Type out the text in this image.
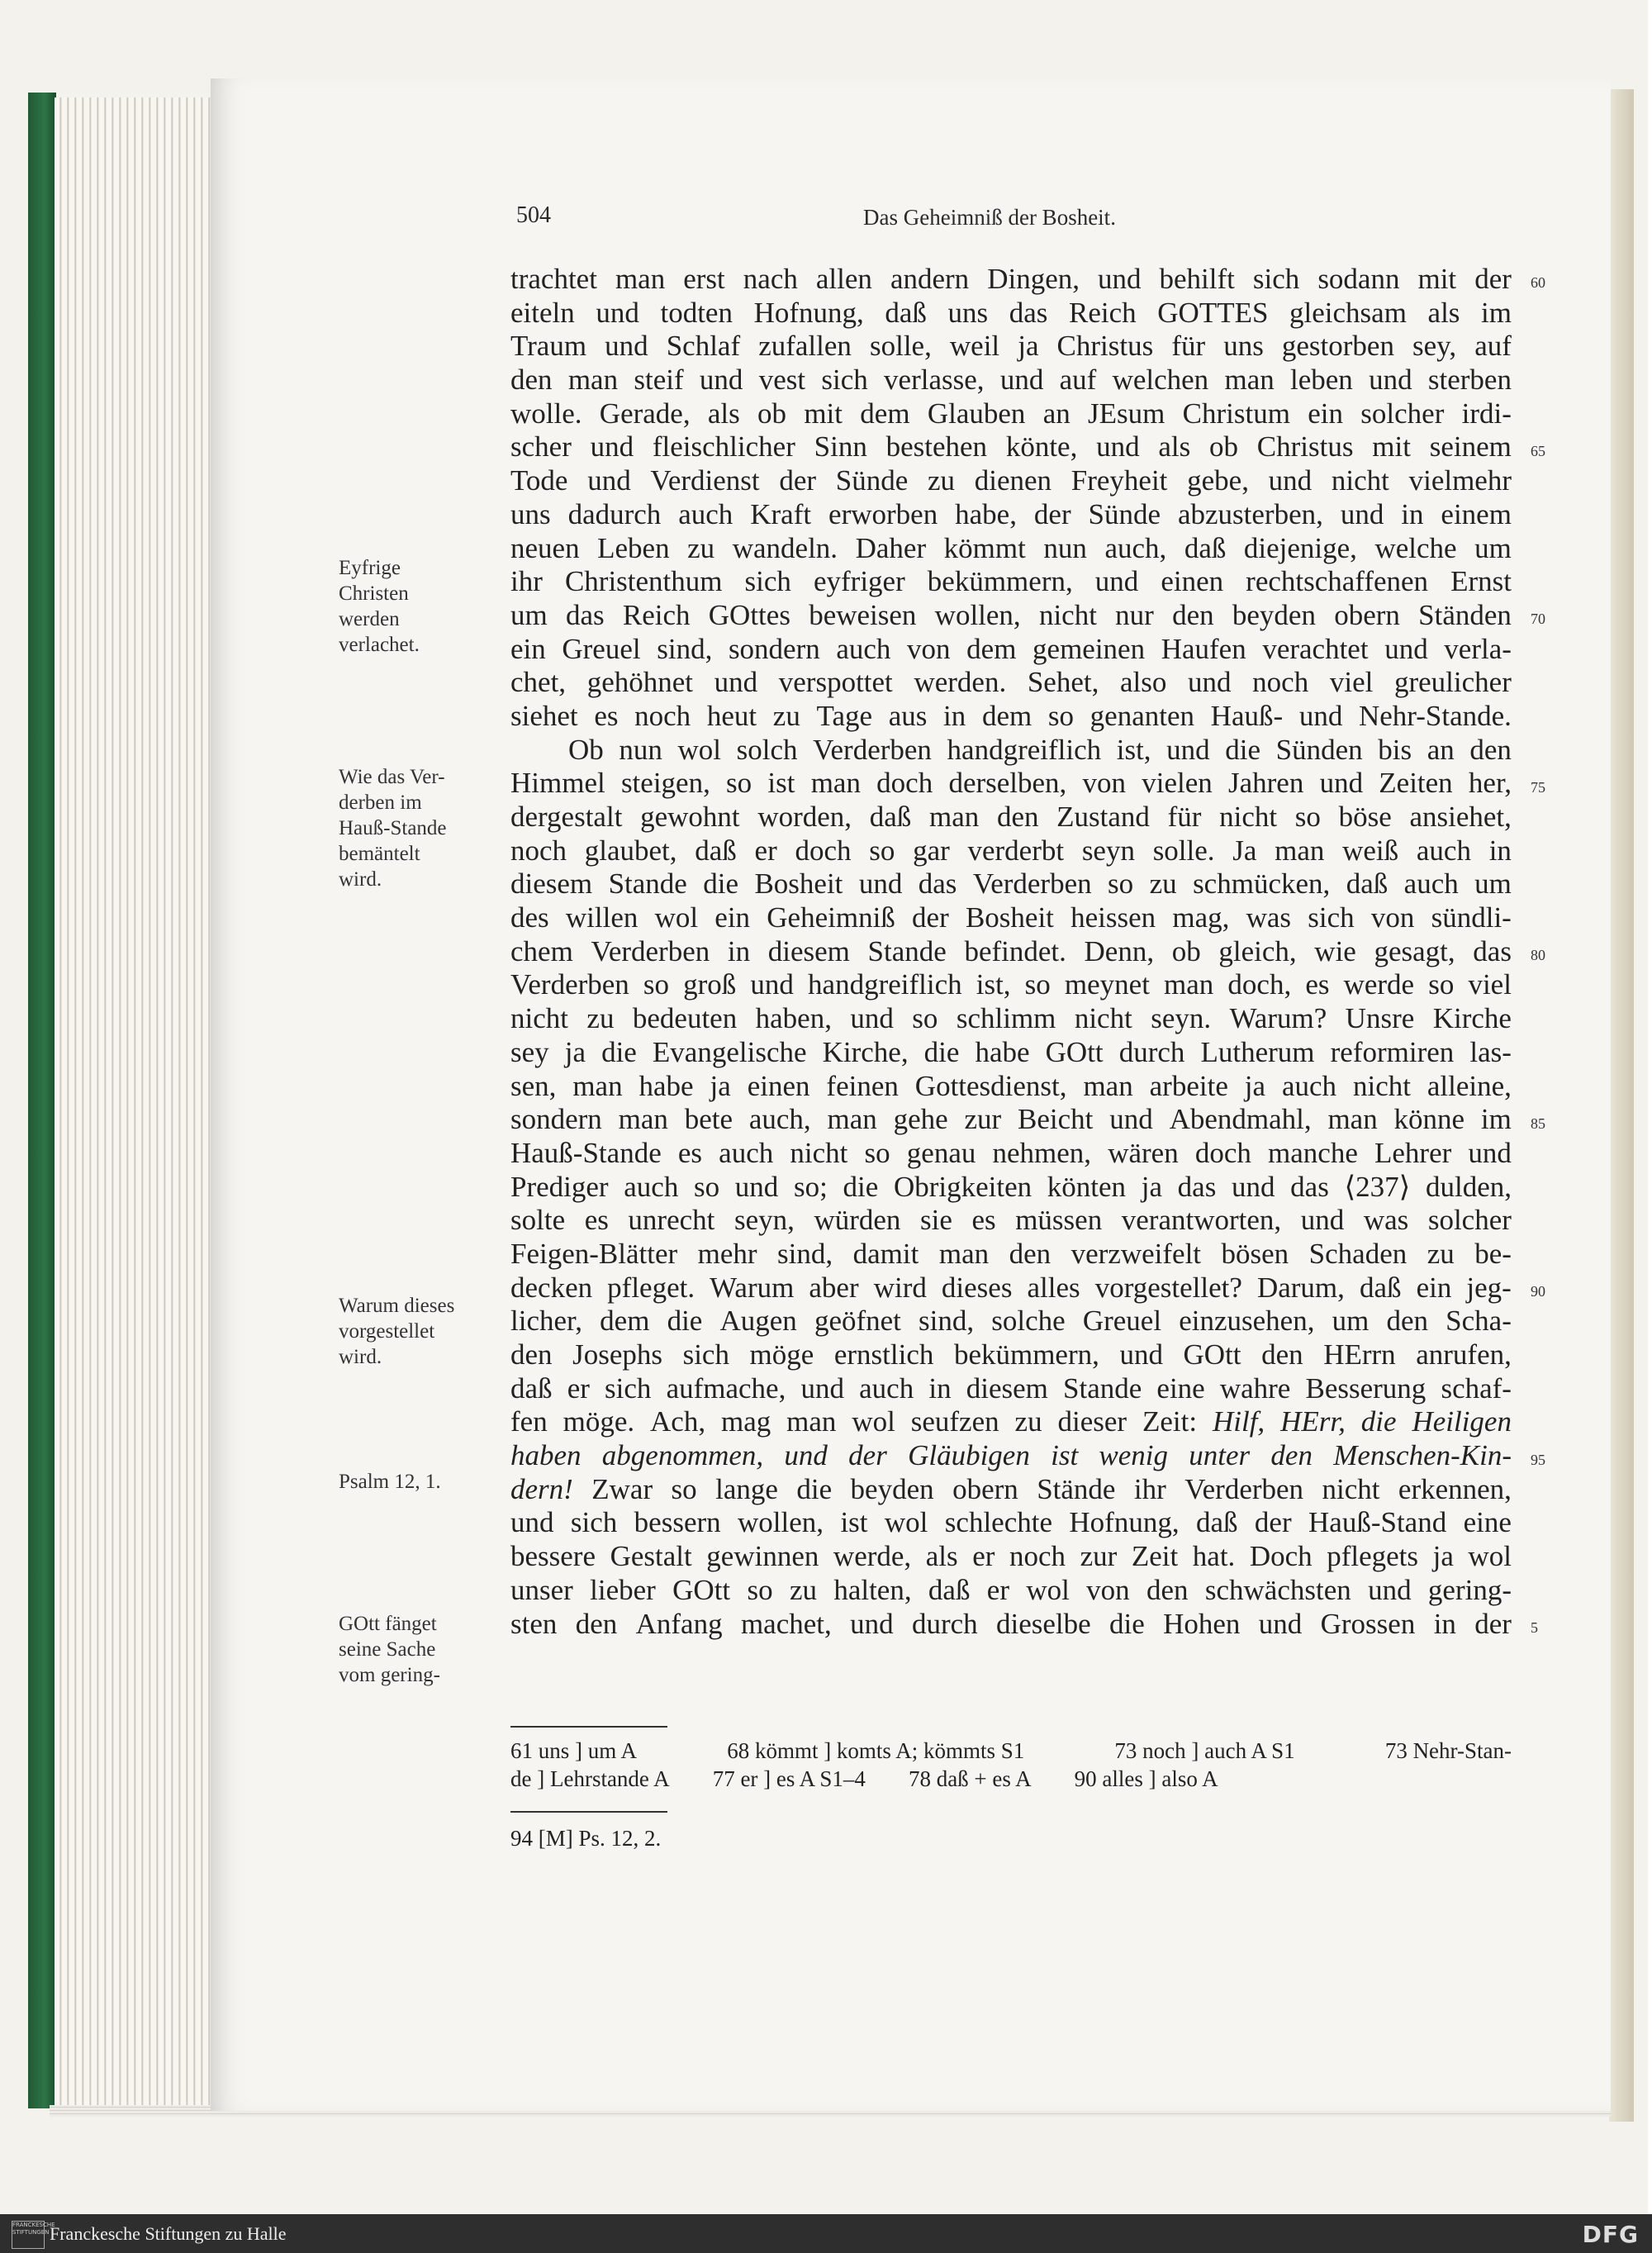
504	Das Geheimniß der Bosheit.
trachtet man erst nach allen andern Dingen, und behilft sich sodann mit der
eiteln und todten Hofnung, daß uns das Reich GOTTES gleichsam als im
Traum und Schlaf zufallen solle, weil ja Christus für uns gestorben sey, auf
den man steif und vest sich verlasse, und auf welchen man leben und sterben
wolle. Gerade, als ob mit dem Glauben an JEsum Christum ein solcher irdi-
scher und fleischlicher Sinn bestehen könte, und als ob Christus mit seinem
Tode und Verdienst der Sünde zu dienen Freyheit gebe, und nicht vielmehr
uns dadurch auch Kraft erworben habe, der Sünde abzusterben, und in einem
neuen Leben zu wandeln. Daher kömmt nun auch, daß diejenige, welche um
ihr Christenthum sich eyfriger bekümmern, und einen rechtschaffenen Ernst
um das Reich GOttes beweisen wollen, nicht nur den beyden obern Ständen
ein Greuel sind, sondern auch von dem gemeinen Haufen verachtet und verla-
chet, gehöhnet und verspottet werden. Sehet, also und noch viel greulicher
siehet es noch heut zu Tage aus in dem so genanten Hauß- und Nehr-Stande.
Ob nun wol solch Verderben handgreiflich ist, und die Sünden bis an den
Himmel steigen, so ist man doch derselben, von vielen Jahren und Zeiten her,
dergestalt gewohnt worden, daß man den Zustand für nicht so böse ansiehet,
noch glaubet, daß er doch so gar verderbt seyn solle. Ja man weiß auch in
diesem Stande die Bosheit und das Verderben so zu schmücken, daß auch um
des willen wol ein Geheimniß der Bosheit heissen mag, was sich von sündli-
chem Verderben in diesem Stande befindet. Denn, ob gleich, wie gesagt, das
Verderben so groß und handgreiflich ist, so meynet man doch, es werde so viel
nicht zu bedeuten haben, und so schlimm nicht seyn. Warum? Unsre Kirche
sey ja die Evangelische Kirche, die habe GOtt durch Lutherum reformiren las-
sen, man habe ja einen feinen Gottesdienst, man arbeite ja auch nicht alleine,
sondern man bete auch, man gehe zur Beicht und Abendmahl, man könne im
Hauß-Stande es auch nicht so genau nehmen, wären doch manche Lehrer und
Prediger auch so und so; die Obrigkeiten könten ja das und das ⟨237⟩ dulden,
solte es unrecht seyn, würden sie es müssen verantworten, und was solcher
Feigen-Blätter mehr sind, damit man den verzweifelt bösen Schaden zu be-
decken pfleget. Warum aber wird dieses alles vorgestellet? Darum, daß ein jeg-
licher, dem die Augen geöfnet sind, solche Greuel einzusehen, um den Scha-
den Josephs sich möge ernstlich bekümmern, und GOtt den HErrn anrufen,
daß er sich aufmache, und auch in diesem Stande eine wahre Besserung schaf-
fen möge. Ach, mag man wol seufzen zu dieser Zeit: Hilf, HErr, die Heiligen
haben abgenommen, und der Gläubigen ist wenig unter den Menschen-Kin-
dern! Zwar so lange die beyden obern Stände ihr Verderben nicht erkennen,
und sich bessern wollen, ist wol schlechte Hofnung, daß der Hauß-Stand eine
bessere Gestalt gewinnen werde, als er noch zur Zeit hat. Doch pflegets ja wol
unser lieber GOtt so zu halten, daß er wol von den schwächsten und gering-
sten den Anfang machet, und durch dieselbe die Hohen und Grossen in der
60
65
70
75
80
85
90
95
5
Eyfrige
Christen
werden
verlachet.
Wie das Ver-
derben im
Hauß-Stande
bemäntelt
wird.
Warum dieses
vorgestellet
wird.
Psalm 12, 1.
GOtt fänget
seine Sache
vom gering-
61 uns ] um A	68 kömmt ] komts A; kömmts S1	73 noch ] auch A S1	73 Nehr-Stan-
de ] Lehrstande A 77 er ] es A S1–4 78 daß + es A 90 alles ] also A
94 [M] Ps. 12, 2.
FRANCKESCHE STIFTUNGEN Franckesche Stiftungen zu Halle	DFG
